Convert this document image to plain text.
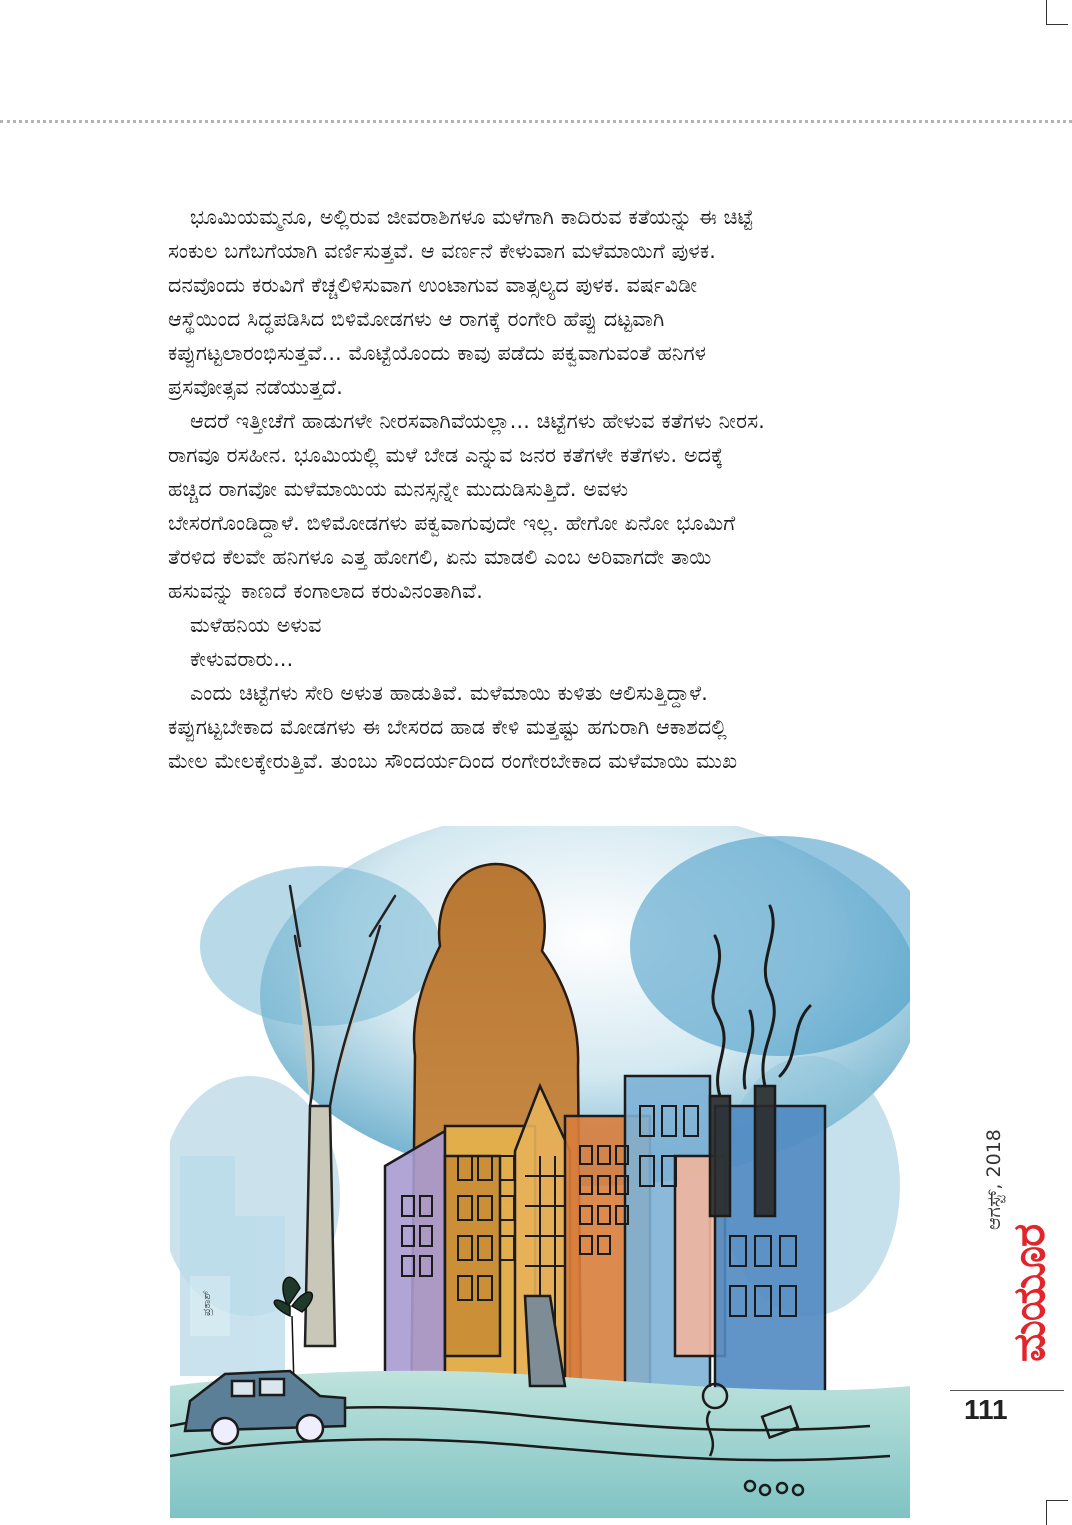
ಭೂಮಿಯಮ್ಮನೂ, ಅಲ್ಲಿರುವ ಜೀವರಾಶಿಗಳೂ ಮಳೆಗಾಗಿ ಕಾದಿರುವ ಕತೆಯನ್ನು ಈ ಚಿಟ್ಟೆ
ಸಂಕುಲ ಬಗೆಬಗೆಯಾಗಿ ವರ್ಣಿಸುತ್ತವೆ. ಆ ವರ್ಣನೆ ಕೇಳುವಾಗ ಮಳೆಮಾಯಿಗೆ ಪುಳಕ.
ದನವೊಂದು ಕರುವಿಗೆ ಕೆಚ್ಚಲಿಳಿಸುವಾಗ ಉಂಟಾಗುವ ವಾತ್ಸಲ್ಯದ ಪುಳಕ. ವರ್ಷವಿಡೀ
ಆಸ್ಥೆಯಿಂದ ಸಿದ್ಧಪಡಿಸಿದ ಬಿಳಿಮೋಡಗಳು ಆ ರಾಗಕ್ಕೆ ರಂಗೇರಿ ಹೆಪ್ಪು ದಟ್ಟವಾಗಿ
ಕಪ್ಪುಗಟ್ಟಲಾರಂಭಿಸುತ್ತವೆ... ಮೊಟ್ಟೆಯೊಂದು ಕಾವು ಪಡೆದು ಪಕ್ವವಾಗುವಂತೆ ಹನಿಗಳ
ಪ್ರಸವೋತ್ಸವ ನಡೆಯುತ್ತದೆ.
ಆದರೆ ಇತ್ತೀಚೆಗೆ ಹಾಡುಗಳೇ ನೀರಸವಾಗಿವೆಯಲ್ಲಾ... ಚಿಟ್ಟೆಗಳು ಹೇಳುವ ಕತೆಗಳು ನೀರಸ.
ರಾಗವೂ ರಸಹೀನ. ಭೂಮಿಯಲ್ಲಿ ಮಳೆ ಬೇಡ ಎನ್ನುವ ಜನರ ಕತೆಗಳೇ ಕತೆಗಳು. ಅದಕ್ಕೆ
ಹಚ್ಚಿದ ರಾಗವೋ ಮಳೆಮಾಯಿಯ ಮನಸ್ಸನ್ನೇ ಮುದುಡಿಸುತ್ತಿದೆ. ಅವಳು
ಬೇಸರಗೊಂಡಿದ್ದಾಳೆ. ಬಿಳಿಮೋಡಗಳು ಪಕ್ವವಾಗುವುದೇ ಇಲ್ಲ. ಹೇಗೋ ಏನೋ ಭೂಮಿಗೆ
ತೆರಳಿದ ಕೆಲವೇ ಹನಿಗಳೂ ಎತ್ತ ಹೋಗಲಿ, ಏನು ಮಾಡಲಿ ಎಂಬ ಅರಿವಾಗದೇ ತಾಯಿ
ಹಸುವನ್ನು ಕಾಣದೆ ಕಂಗಾಲಾದ ಕರುವಿನಂತಾಗಿವೆ.
ಮಳೆಹನಿಯ ಅಳುವ
ಕೇಳುವರಾರು...
ಎಂದು ಚಿಟ್ಟೆಗಳು ಸೇರಿ ಅಳುತ ಹಾಡುತಿವೆ. ಮಳೆಮಾಯಿ ಕುಳಿತು ಆಲಿಸುತ್ತಿದ್ದಾಳೆ.
ಕಪ್ಪುಗಟ್ಟಬೇಕಾದ ಮೋಡಗಳು ಈ ಬೇಸರದ ಹಾಡ ಕೇಳಿ ಮತ್ತಷ್ಟು ಹಗುರಾಗಿ ಆಕಾಶದಲ್ಲಿ
ಮೇಲ ಮೇಲಕ್ಕೇರುತ್ತಿವೆ. ತುಂಬು ಸೌಂದರ್ಯದಿಂದ ರಂಗೇರಬೇಕಾದ ಮಳೆಮಾಯಿ ಮುಖ
ಪ್ರಕಾಶ್
ಆಗಸ್ಟ್, 2018
ಮಯೂರ
111
